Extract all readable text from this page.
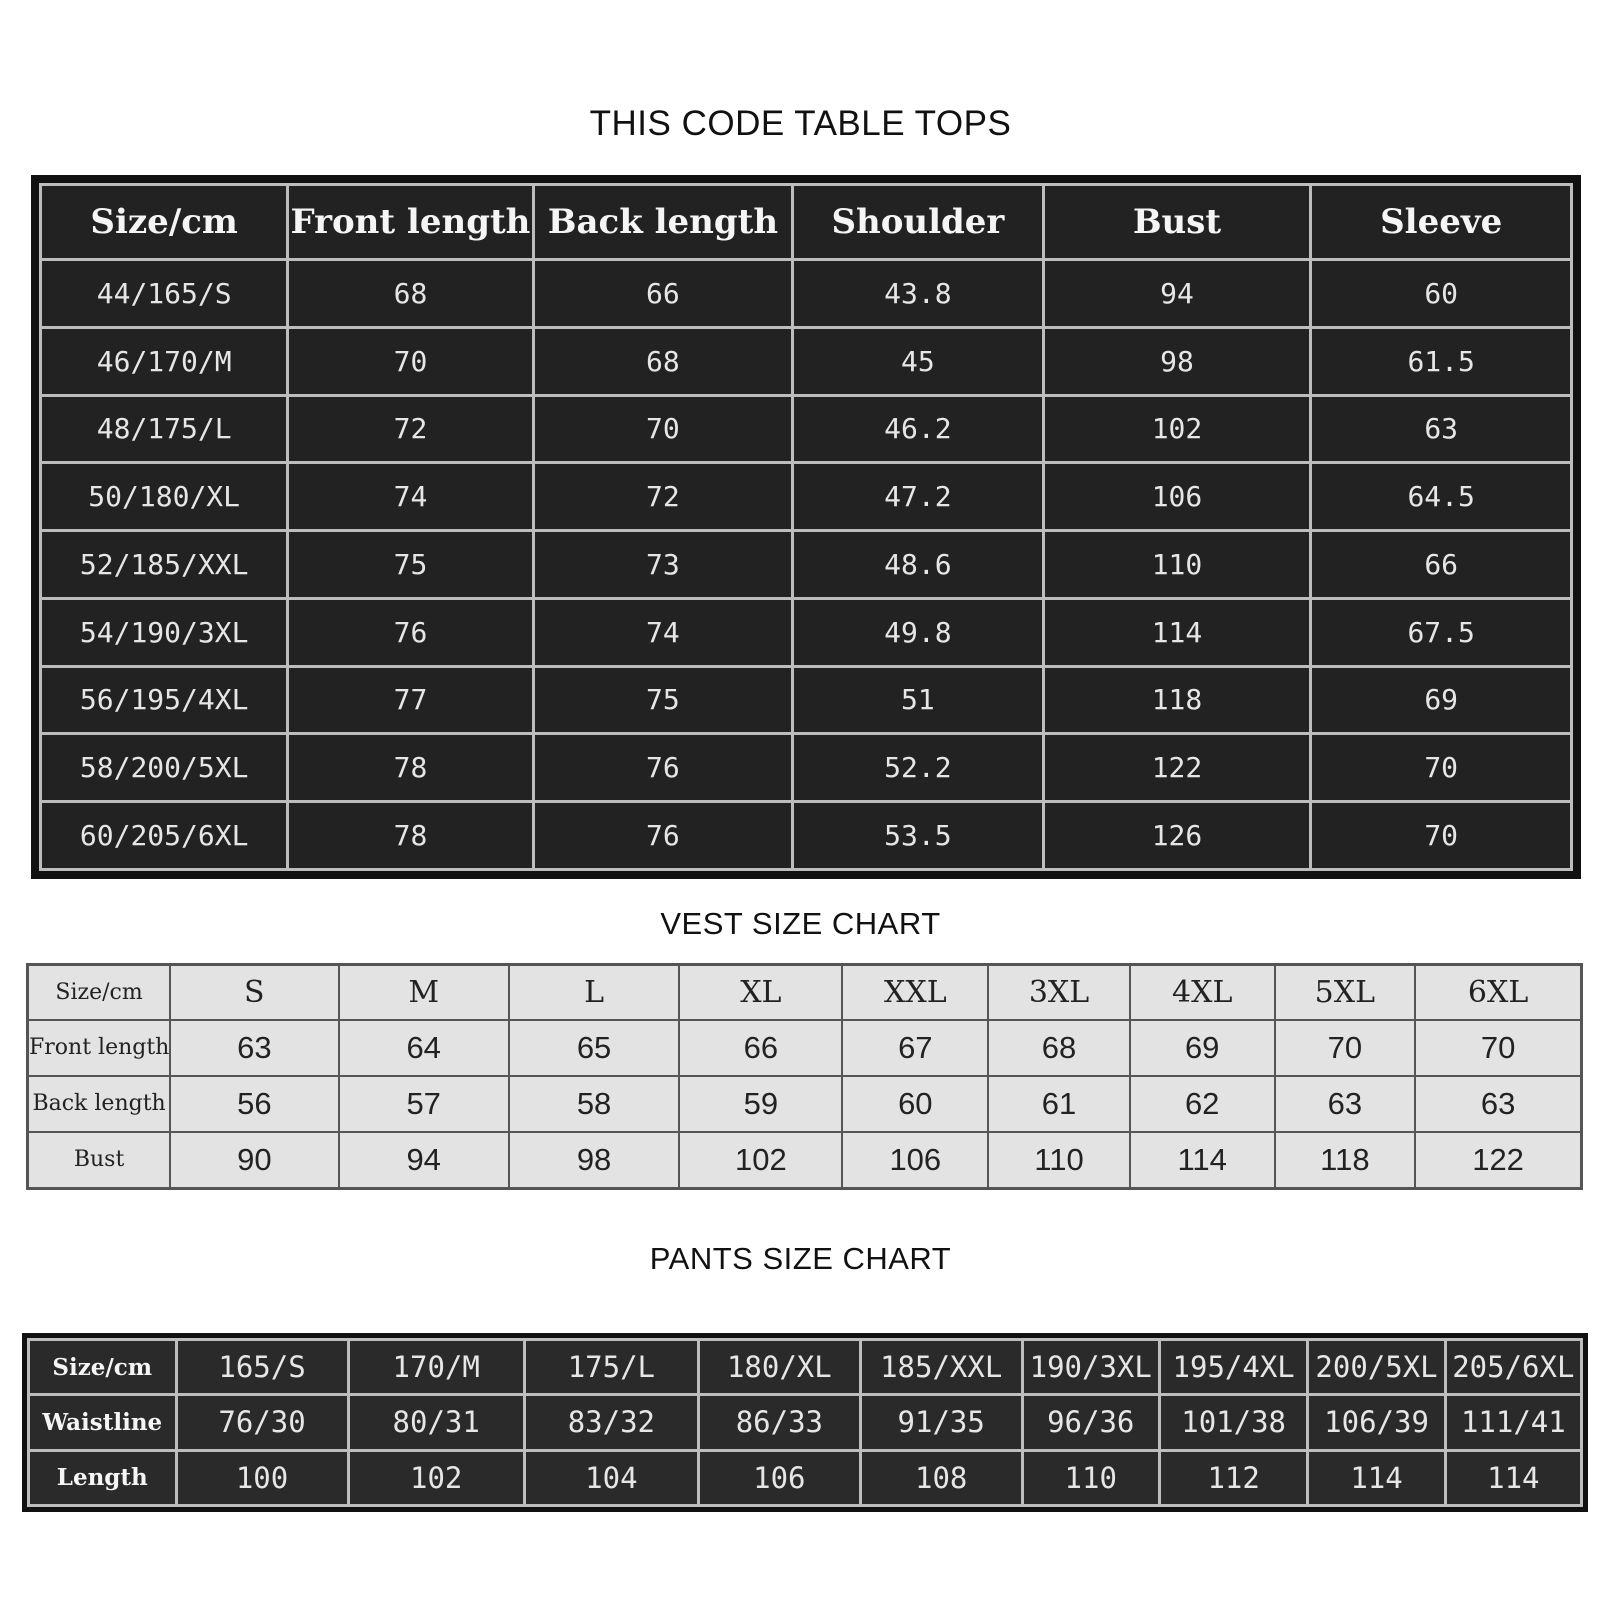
THIS CODE TABLE TOPS
Size/cm	Front length	Back length	Shoulder	Bust	Sleeve
44/165/S	68	66	43.8	94	60
46/170/M	70	68	45	98	61.5
48/175/L	72	70	46.2	102	63
50/180/XL	74	72	47.2	106	64.5
52/185/XXL	75	73	48.6	110	66
54/190/3XL	76	74	49.8	114	67.5
56/195/4XL	77	75	51	118	69
58/200/5XL	78	76	52.2	122	70
60/205/6XL	78	76	53.5	126	70
VEST SIZE CHART
Size/cm	S	M	L	XL	XXL	3XL	4XL	5XL	6XL
Front length	63	64	65	66	67	68	69	70	70
Back length	56	57	58	59	60	61	62	63	63
Bust	90	94	98	102	106	110	114	118	122
PANTS SIZE CHART
Size/cm	165/S	170/M	175/L	180/XL	185/XXL	190/3XL	195/4XL	200/5XL	205/6XL
Waistline	76/30	80/31	83/32	86/33	91/35	96/36	101/38	106/39	111/41
Length	100	102	104	106	108	110	112	114	114
